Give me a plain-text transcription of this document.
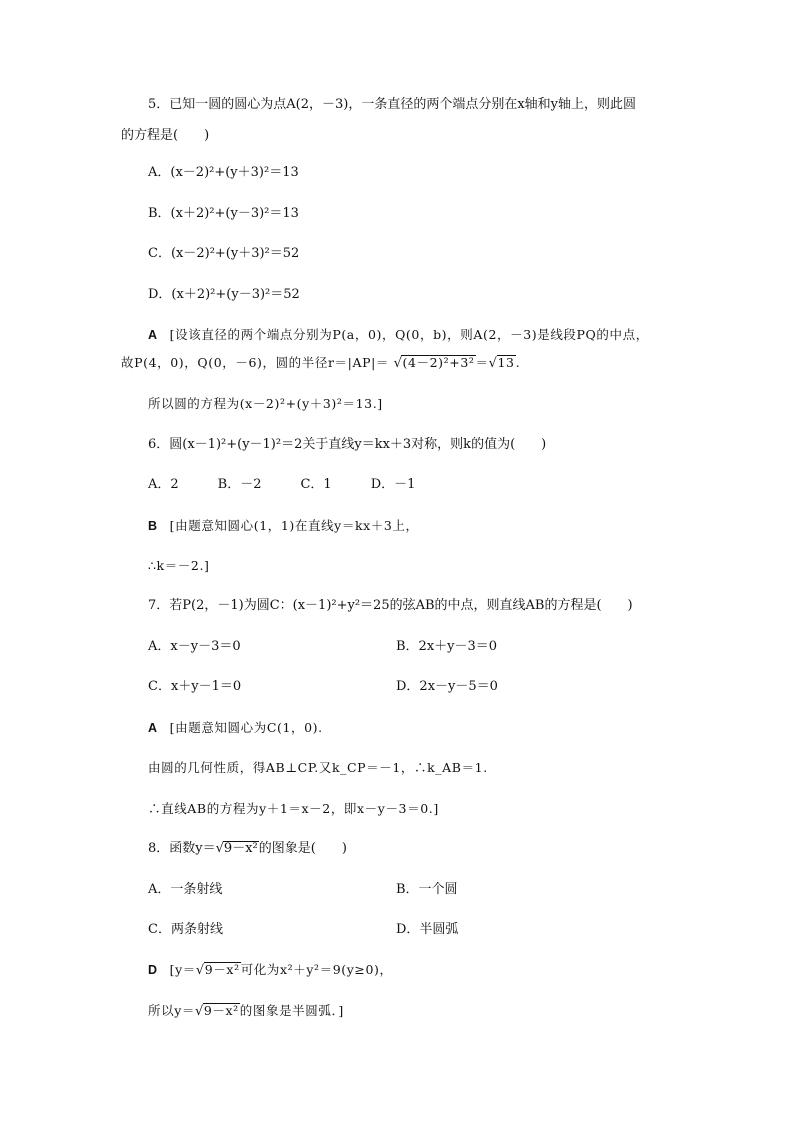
5．已知一圆的圆心为点A(2，－3)，一条直径的两个端点分别在x轴和y轴上，则此圆
的方程是(　　)
A．(x－2)²+(y＋3)²＝13
B．(x＋2)²+(y－3)²＝13
C．(x－2)²+(y＋3)²＝52
D．(x＋2)²+(y－3)²＝52
A [设该直径的两个端点分别为P(a，0)，Q(0，b)，则A(2，－3)是线段PQ的中点，
故P(4，0)，Q(0，－6)，圆的半径r＝|AP|＝ √(4－2)²+3²＝√13.
所以圆的方程为(x－2)²+(y＋3)²＝13.]
6．圆(x－1)²+(y－1)²＝2关于直线y＝kx＋3对称，则k的值为(　　)
A．2　　　B．－2　　　C．1　　　D．－1
B [由题意知圆心(1，1)在直线y＝kx＋3上，
∴k＝－2.]
7．若P(2，－1)为圆C：(x－1)²+y²＝25的弦AB的中点，则直线AB的方程是(　　)
A．x－y－3＝0	B．2x＋y－3＝0
C．x＋y－1＝0	D．2x－y－5＝0
A [由题意知圆心为C(1，0).
由圆的几何性质，得AB⊥CP.又k_CP＝－1，∴k_AB＝1.
∴直线AB的方程为y＋1＝x－2，即x－y－3＝0.]
8．函数y＝√9－x²的图象是(　　)
A．一条射线	B．一个圆
C．两条射线	D．半圆弧
D [y＝√9－x²可化为x²＋y²＝9(y≥0)，
所以y＝√9－x²的图象是半圆弧．]
